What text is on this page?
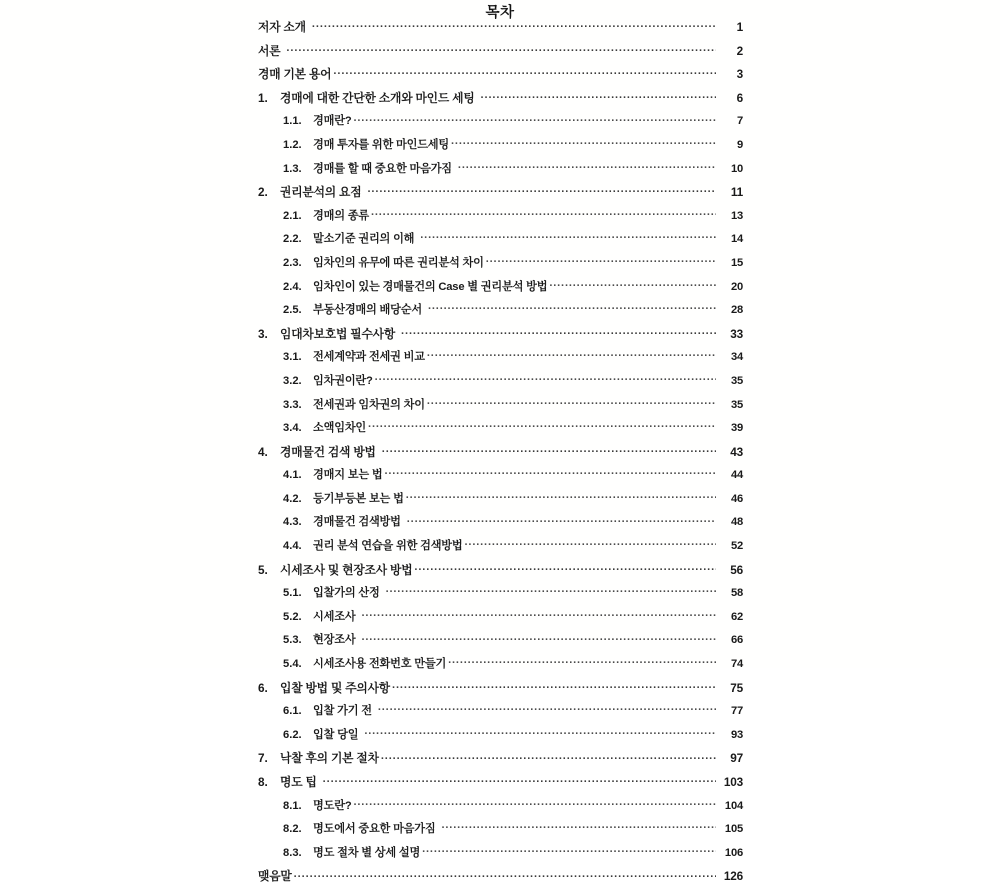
목차
저자 소개 .....	1
서론 .....	2
경매 기본 용어 .....	3
1.	경매에 대한 간단한 소개와 마인드 세팅 .....	6
1.1.	경매란? .....	7
1.2.	경매 투자를 위한 마인드세팅 .....	9
1.3.	경매를 할 때 중요한 마음가짐 .....	10
2.	권리분석의 요점 .....	11
2.1.	경매의 종류 .....	13
2.2.	말소기준 권리의 이해 .....	14
2.3.	임차인의 유무에 따른 권리분석 차이 .....	15
2.4.	임차인이 있는 경매물건의 Case 별 권리분석 방법 .....	20
2.5.	부동산경매의 배당순서 .....	28
3.	임대차보호법 필수사항 .....	33
3.1.	전세계약과 전세권 비교 .....	34
3.2.	임차권이란? .....	35
3.3.	전세권과 임차권의 차이 .....	35
3.4.	소액임차인 .....	39
4.	경매물건 검색 방법 .....	43
4.1.	경매지 보는 법 .....	44
4.2.	등기부등본 보는 법 .....	46
4.3.	경매물건 검색방법 .....	48
4.4.	권리 분석 연습을 위한 검색방법 .....	52
5.	시세조사 및 현장조사 방법 .....	56
5.1.	입찰가의 산정 .....	58
5.2.	시세조사 .....	62
5.3.	현장조사 .....	66
5.4.	시세조사용 전화번호 만들기 .....	74
6.	입찰 방법 및 주의사항 .....	75
6.1.	입찰 가기 전 .....	77
6.2.	입찰 당일 .....	93
7.	낙찰 후의 기본 절차 .....	97
8.	명도 팁 .....	103
8.1.	명도란? .....	104
8.2.	명도에서 중요한 마음가짐 .....	105
8.3.	명도 절차 별 상세 설명 .....	106
맺음말 .....	126
